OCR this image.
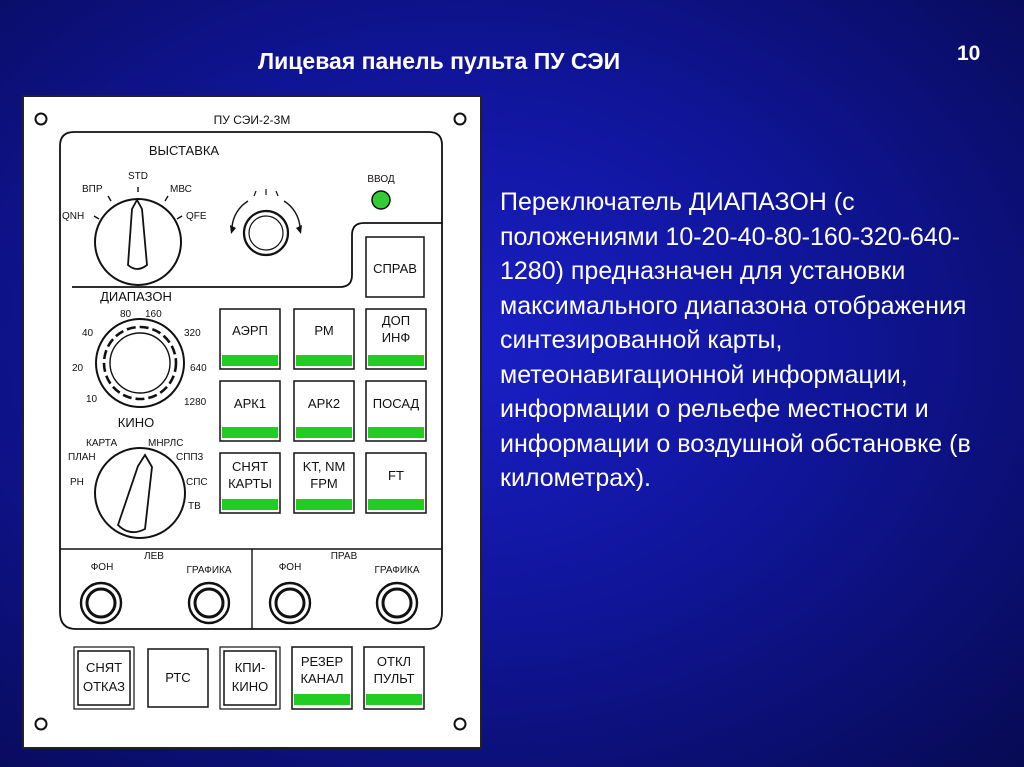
Лицевая панель пульта ПУ СЭИ	10
Переключатель ДИАПАЗОН (с положениями 10-20-40-80-160-320-640-1280) предназначен для установки максимального диапазона отображения синтезированной карты, метеонавигационной информации, информации о рельефе местности и информации о воздушной обстановке (в километрах).
ПУ СЭИ-2-3М
ВЫСТАВКА
QNH
ВПР
STD
МВС
QFE
ВВОД
СПРАВ
ДИАПАЗОН
10
20
40
80 160
320
640
1280
КИНО
РН
ПЛАН
КАРТА	МНРЛС
СПП3
СПС
ТВ
АЭРП	РМ
ДОП
ИНФ
АРК1	АРК2	ПОСАД
СНЯТ
КАРТЫ
KT, NM
FPM
FT
ЛЕВ	ПРАВ
ФОН	ГРАФИКА	ФОН	ГРАФИКА
СНЯТ
ОТКАЗ
РТС
КПИ-
КИНО
РЕЗЕР
КАНАЛ
ОТКЛ
ПУЛЬТ
